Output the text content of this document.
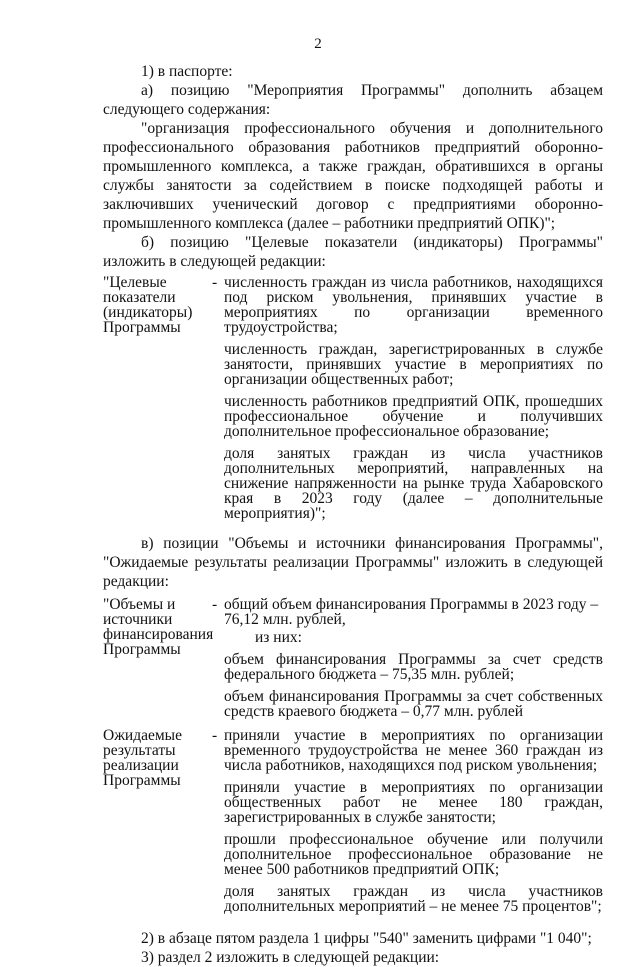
2

1) в паспорте:

а) позицию "Мероприятия Программы" дополнить абзацем следующего содержания:

"организация профессионального обучения и дополнительного профессионального образования работников предприятий оборонно-промышленного комплекса, а также граждан, обратившихся в органы службы занятости за содействием в поиске подходящей работы и заключивших ученический договор с предприятиями оборонно-промышленного комплекса (далее – работники предприятий ОПК)";

б) позицию "Целевые показатели (индикаторы) Программы" изложить в следующей редакции:

"Целевые показатели (индикаторы) Программы
- численность граждан из числа работников, находящихся под риском увольнения, принявших участие в мероприятиях по организации временного трудоустройства;

численность граждан, зарегистрированных в службе занятости, принявших участие в мероприятиях по организации общественных работ;

численность работников предприятий ОПК, прошедших профессиональное обучение и получивших дополнительное профессиональное образование;

доля занятых граждан из числа участников дополнительных мероприятий, направленных на снижение напряженности на рынке труда Хабаровского края в 2023 году (далее – дополнительные мероприятия)";

в) позиции "Объемы и источники финансирования Программы", "Ожидаемые результаты реализации Программы" изложить в следующей редакции:

"Объемы и источники финансирования Программы
- общий объем финансирования Программы в 2023 году – 76,12 млн. рублей,

из них:

объем финансирования Программы за счет средств федерального бюджета – 75,35 млн. рублей;

объем финансирования Программы за счет собственных средств краевого бюджета – 0,77 млн. рублей

Ожидаемые результаты реализации Программы
- приняли участие в мероприятиях по организации временного трудоустройства не менее 360 граждан из числа работников, находящихся под риском увольнения;

приняли участие в мероприятиях по организации общественных работ не менее 180 граждан, зарегистрированных в службе занятости;

прошли профессиональное обучение или получили дополнительное профессиональное образование не менее 500 работников предприятий ОПК;

доля занятых граждан из числа участников дополнительных мероприятий – не менее 75 процентов";

2) в абзаце пятом раздела 1 цифры "540" заменить цифрами "1 040";

3) раздел 2 изложить в следующей редакции:
